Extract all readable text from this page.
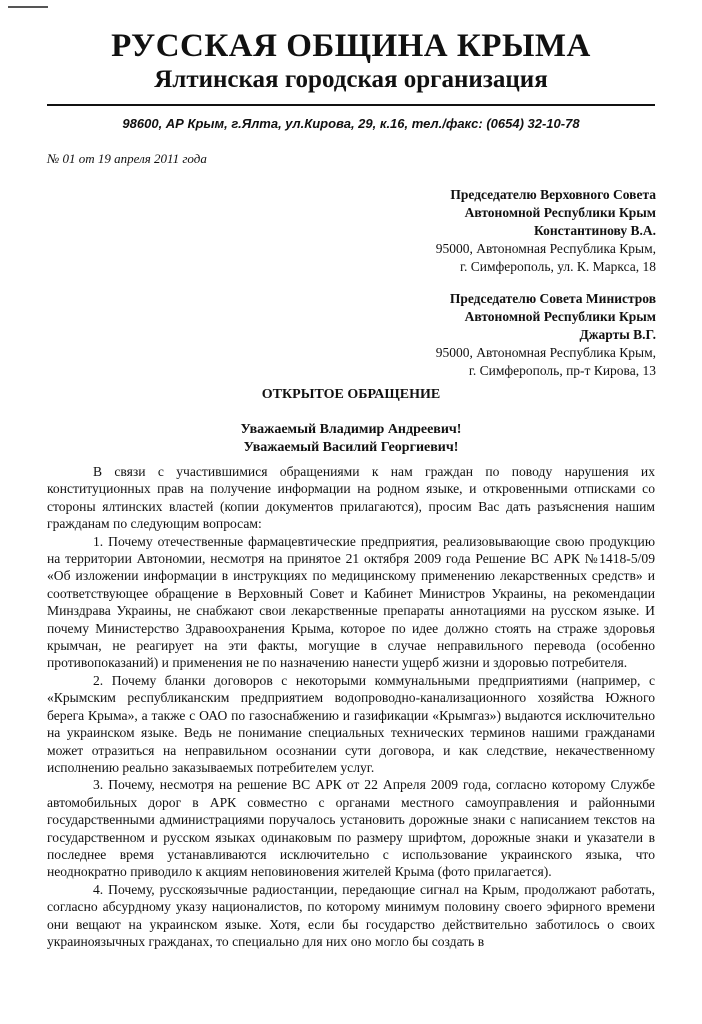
РУССКАЯ ОБЩИНА КРЫМА
Ялтинская городская организация
98600, АР Крым, г.Ялта, ул.Кирова, 29, к.16, тел./факс: (0654) 32-10-78
№ 01 от 19 апреля 2011 года
Председателю Верховного Совета
Автономной Республики Крым
Константинову В.А.
95000, Автономная Республика Крым,
г. Симферополь, ул. К. Маркса, 18
Председателю Совета Министров
Автономной Республики Крым
Джарты В.Г.
95000, Автономная Республика Крым,
г. Симферополь, пр-т Кирова, 13
ОТКРЫТОЕ ОБРАЩЕНИЕ
Уважаемый Владимир Андреевич!
Уважаемый Василий Георгиевич!

В связи с участившимися обращениями к нам граждан по поводу нарушения их конституционных прав на получение информации на родном языке, и откровенными отписками со стороны ялтинских властей (копии документов прилагаются), просим Вас дать разъяснения нашим гражданам по следующим вопросам:

1. Почему отечественные фармацевтические предприятия, реализовывающие свою продукцию на территории Автономии, несмотря на принятое 21 октября 2009 года Решение ВС АРК №1418-5/09 «Об изложении информации в инструкциях по медицинскому применению лекарственных средств» и соответствующее обращение в Верховный Совет и Кабинет Министров Украины, на рекомендации Минздрава Украины, не снабжают свои лекарственные препараты аннотациями на русском языке. И почему Министерство Здравоохранения Крыма, которое по идее должно стоять на страже здоровья крымчан, не реагирует на эти факты, могущие в случае неправильного перевода (особенно противопоказаний) и применения не по назначению нанести ущерб жизни и здоровью потребителя.

2. Почему бланки договоров с некоторыми коммунальными предприятиями (например, с «Крымским республиканским предприятием водопроводно-канализационного хозяйства Южного берега Крыма», а также с ОАО по газоснабжению и газификации «Крымгаз») выдаются исключительно на украинском языке. Ведь не понимание специальных технических терминов нашими гражданами может отразиться на неправильном осознании сути договора, и как следствие, некачественному исполнению реально заказываемых потребителем услуг.

3. Почему, несмотря на решение ВС АРК от 22 Апреля 2009 года, согласно которому Службе автомобильных дорог в АРК совместно с органами местного самоуправления и районными государственными администрациями поручалось установить дорожные знаки с написанием текстов на государственном и русском языках одинаковым по размеру шрифтом, дорожные знаки и указатели в последнее время устанавливаются исключительно с использование украинского языка, что неоднократно приводило к акциям неповиновения жителей Крыма (фото прилагается).

4. Почему, русскоязычные радиостанции, передающие сигнал на Крым, продолжают работать, согласно абсурдному указу националистов, по которому минимум половину своего эфирного времени они вещают на украинском языке. Хотя, если бы государство действительно заботилось о своих украиноязычных гражданах, то специально для них оно могло бы создать в
